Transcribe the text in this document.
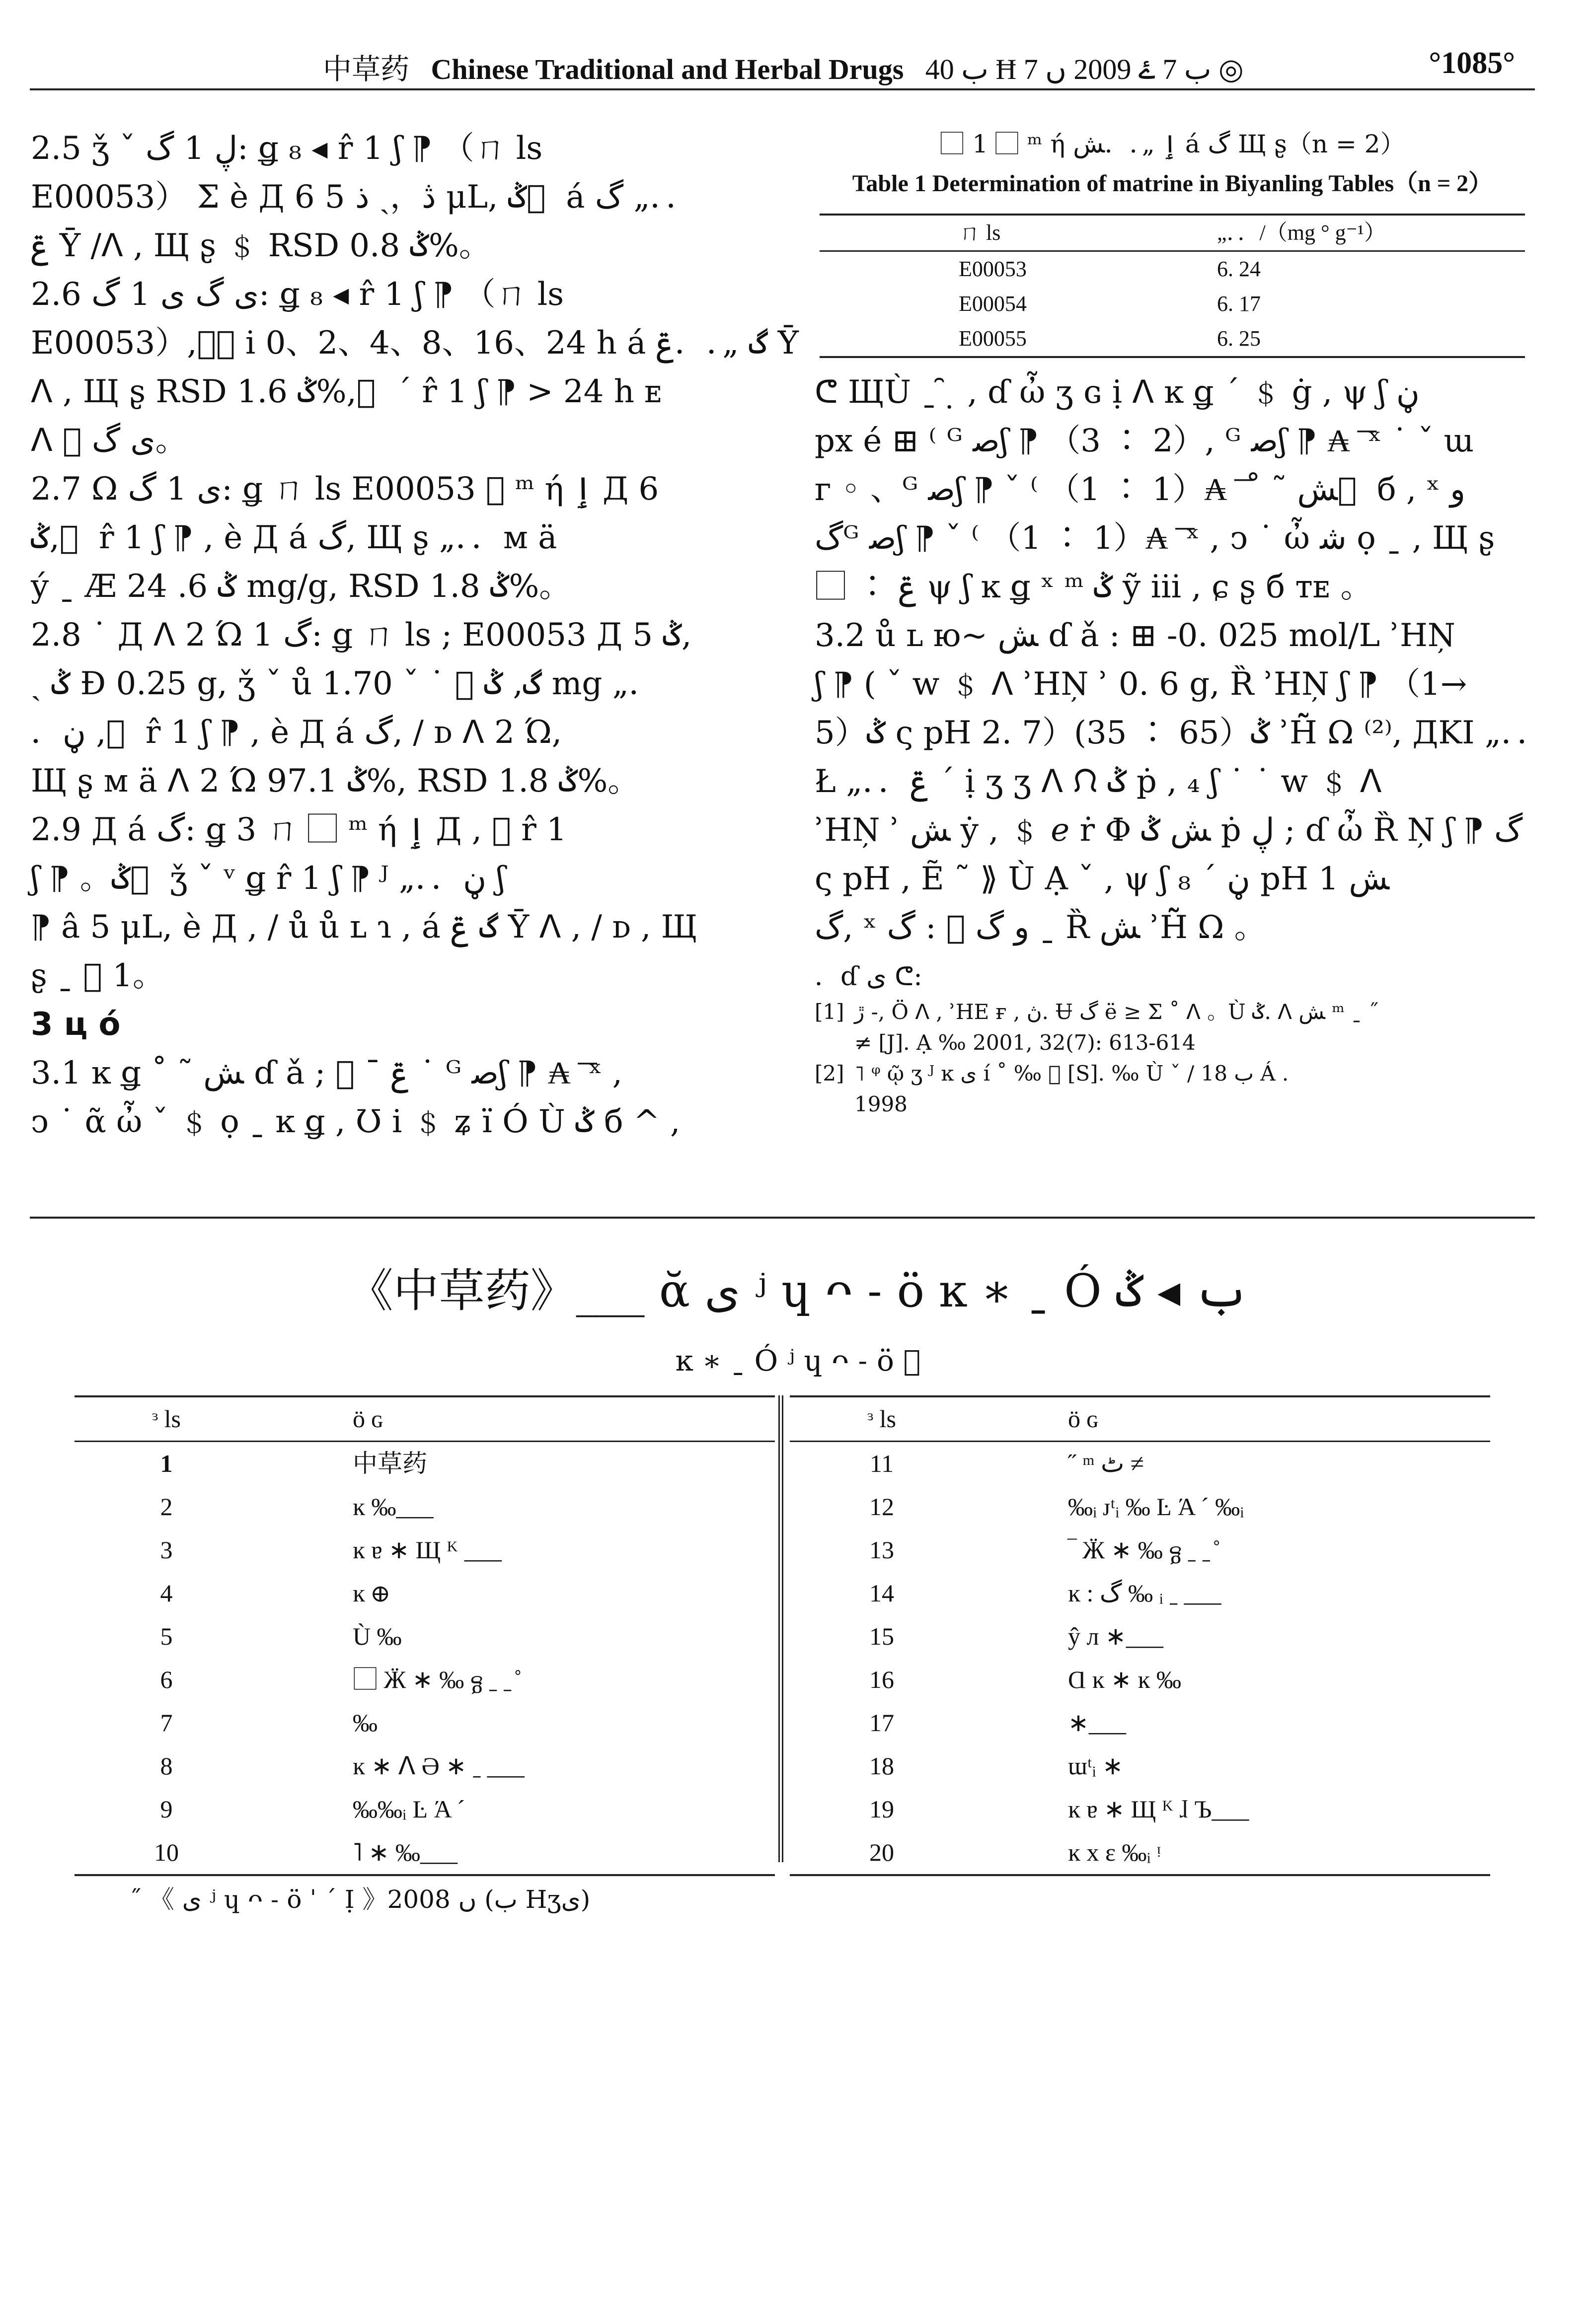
中草药 Chinese Traditional and Herbal Drugs ب 40 Ħ ب 7 ۓ 2009 ں 7 ◎	°1085°

2.5 ǯ ˇ ڸ 1 گ: ǥ ₈ ◂ r̂ 1 ʃ ⁋ （ㄇ ls

E00053） Σ è Д 6 ڎ，ˎ ذ 5 μL, ݣ ⃞ á گ „．．

ݝ Ῡ ∕ᐱ , Щ ʂ ﹩ RSD ݣ 0.8%。

2.6 ى گ ى 1 گ: ǥ ₈ ◂ r̂ 1 ʃ ⁋ （ㄇ ls

E00053）,ݣ⃞ i 0、2、4、8、16、24 h á گ „．．ݝ Ῡ

ᐱ , Щ ʂ RSD ݣ 1.6%, ⃞ ´ r̂ 1 ʃ ⁋ > 24 h ᴇ

ᐱ ⃞ ى گ。

2.7 Ω ى 1 گ: ǥ ㄇ ls E00053 ⃞ ᵐ ή ٳ Д 6

ݣ, ⃞ r̂ 1 ʃ ⁋ , è Д á گ, Щ ʂ „．．ᴍ ä

ý ˍ Æ ݣ 6. 24 mg/g, RSD ݣ 1.8%。

2.8 ˙ Д ᐱ 2 Ώ 1 گ: ǥ ㄇ ls ; E00053 Д 5 ݣ,

ˎ ݣ Ð 0.25 g, ǯ ˇ ů گ, ݣ ⃞ ˙ ˇ 1.70 mg „．

．ڼ , ⃞ r̂ 1 ʃ ⁋ , è Д á گ, ∕ ᴅ ᐱ 2 Ώ,

Щ ʂ ᴍ ä ᐱ 2 Ώ ݣ 97.1%, RSD ݣ 1.8%。

2.9 Д á گ: ǥ 3 ㄇ ⃞ ᵐ ή ٳ Д , ⃞ r̂ 1

ʃ ⁋ 。ݣ ⃞ ǯ ˇ ᵛ ǥ r̂ 1 ʃ ⁋ ᴶ „．．ڼ ʃ

⁋ â 5 μL, è Д , ∕ ů ů ʟ ɿ , á گ ݝ Ῡ ᐱ , ∕ ᴅ , Щ

ʂ ˍ ⃞ 1。

3 ц ó

3.1 ĸ ǥ ˚ ˜ ﺶ ɗ ǎ ; ⃞ ˉ ݝ ˙ ᴳ ﺻʃ ⁋ ₳ ͞ ˣ ,

ↄ ˙ ᾶ ὦ ˇ ﹩ ọ ˍ ĸ ǥ , Ʊ i ﹩ ʑ ï Ó Ù ݣ б ^ ,

⃞ 1 ⃞ ᵐ ή ٳ „．．ﺶ á گ Щ ʂ（n = 2）
Table 1 Determination of matrine in Biyanling Tables（n = 2）
ㄇ ls	„．．/（mg ° g⁻¹）
E00053	6. 24
E00054	6. 17
E00055	6. 25

ᕦ ЩÙ ˍ ̑ ̣ , ɗ ὦ ʒ ɢ ị ᐱ ĸ ǥ ´ ﹩ ġ , ψ ʃ ڼ

px é ⊞ ⁽ ᴳ ﺻʃ ⁋ （3 ∶ 2）, ᴳ ﺻʃ ⁋ ₳ ͞ ˣ ˙ ˇ ɯ

ᴦ ◦ 、ᴳ ﺻʃ ⁋ ˇ ⁽ （1 ∶ 1）₳ ͞ ˚ ˜ ﺶ ⃞ б , ˣ و

گᴳ ﺻʃ ⁋ ˇ ⁽ （1 ∶ 1）₳ ͞ ˣ , ↄ ˙ ὦ ﺷ ọ ˍ , Щ ʂ

⃞ ∶ ݝ ψ ʃ ĸ ǥ ˣ ᵐ ݣ ỹ ⅲ , ɕ ʂ б ᴛᴇ 。

3.2 ů ʟ ю~ ﺶ ɗ ǎ : ⊞ -0. 025 mol/L ʾHN̦

ʃ ⁋ ( ˇ w ﹩ ᐱ ʾHN̦ ʾ 0. 6 g, Ȑ ʾHN̦ ʃ ⁋ （1→

5）ݣ ς pH 2. 7）(35 ∶ 65）ݣ ʾH̃̃ Ω ⁽²⁾, ДKI „．．

Ł „．．ݝ ´ ị ʒ ʒ ᐱ ᙁ ݣ ṗ , ₄ ʃ ˙ ˙ w ﹩ ᐱ

ʾHN̦ ʾ ﺶ ẏ , ﹩ ℯ ṙ Ф ﺶ ݣ ṗ ڸ ; ɗ ὦ Ȑ N̦ ʃ ⁋ گ

ς pH , Ẽ ˜ ⟫ Ù Ạ ˇ , ψ ʃ ڼ ´ ₈ pH ﺶ 1

گ, ˣ و گ ⃞ : گ ˍ Ȑ ﺶ ʾH̃̃ Ω 。

．ɗ ى ᕦ:
[1] ڙ -, Ö ᐱ , ʾHE ғ , ڽ. Ʉ گ ë ≥ Σ ˚ ᐱ 。Ù ݣ. ᐱ ﺶ ᵐ ˍ ˝
≠ [J]. Ạ ‰ 2001, 32(7): 613-614
[2] ˥ ᵠ ῷ ʒ ᴶ ĸ ﻯ í ˚ ‰ ⃞ [S]. ‰ Ù ˇ ∕ ب 18 Á .
1998
《中草药》___ ᾰ ى ʲ ɥ ᴖ ˗ ö ĸ ∗ ˍ Ó ب ◂ ݣ
ĸ ∗ ˍ Ó ʲ ɥ ᴖ ˗ ö ⃞
ᵌ ls	ö ɢ
1	中草药
2	ĸ ‰___
3	ĸ ɐ ∗ Щ ᴷ ___
4	ĸ ᪠
5	Ù ‰
6	⃞ Ӝ ∗ ‰ ᵷ ˍ ˍ ̊
7	‰
8	ĸ ∗ ᐱ Ә ∗ ˍ ___
9	‰‰ᵢ Ŀ Ά ´
10	˥ ∗ ‰___
ᵌ ls	ö ɢ
11	˝ ᵐ ٹ ≠
12	‰ᵢ ᴊᵗᵢ ‰ Ŀ Ά ´ ‰ᵢ
13	‾ Ӝ ∗ ‰ ᵷ ˍ ˍ ̊
14	ĸ : گ ‰ ᵢ ˍ ___
15	ŷ л ∗___
16	Ɑ ĸ ∗ ĸ ‰
17	∗___
18	ɯᵗᵢ ∗
19	ĸ ɐ ∗ Щ ᴷ ɺ Ъ___
20	ĸ x ɛ ‰ᵢ ᵎ
˝ 《 ى ʲ ɥ ᴖ ˗ ö ˈ ˊ Ị 》2008 ں (ب Hʒى)
